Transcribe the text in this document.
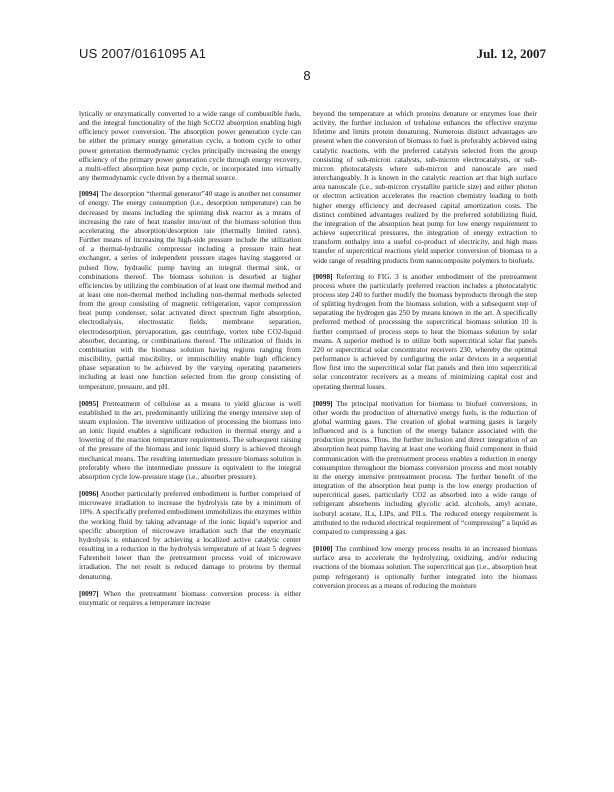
US 2007/0161095 A1	Jul. 12, 2007
8

lytically or enzymatically converted to a wide range of combustible fuels, and the integral functionality of the high ScCO2 absorption enabling high efficiency power conversion. The absorption power generation cycle can be either the primary energy generation cycle, a bottom cycle to other power generation thermodynamic cycles principally increasing the energy efficiency of the primary power generation cycle through energy recovery, a multi-effect absorption heat pump cycle, or incorporated into virtually any thermodynamic cycle driven by a thermal source.

[0094] The desorption “thermal generator”40 stage is another net consumer of energy. The energy consumption (i.e., desorption temperature) can be decreased by means including the spinning disk reactor as a means of increasing the rate of heat transfer into/out of the biomass solution thus accelerating the absorption/desorption rate (thermally limited rates). Further means of increasing the high-side pressure include the utilization of a thermal-hydraulic compressor including a pressure train heat exchanger, a series of independent pressure stages having staggered or pulsed flow, hydraulic pump having an integral thermal sink, or combinations thereof. The biomass solution is desorbed at higher efficiencies by utilizing the combination of at least one thermal method and at least one non-thermal method including non-thermal methods selected from the group consisting of magnetic refrigeration, vapor compression heat pump condenser, solar activated direct spectrum light absorption, electrodialysis, electrostatic fields, membrane separation, electrodesorption, pervaporation, gas centrifuge, vortex tube CO2-liquid absorber, decanting, or combinations thereof. The utilization of fluids in combination with the biomass solution having regions ranging from miscibility, partial miscibility, or immiscibility enable high efficiency phase separation to be achieved by the varying operating parameters including at least one function selected from the group consisting of temperature, pressure, and pH.

[0095] Pretreatment of cellulose as a means to yield glucose is well established in the art, predominantly utilizing the energy intensive step of steam explosion. The inventive utilization of processing the biomass into an ionic liquid enables a significant reduction in thermal energy and a lowering of the reaction temperature requirements. The subsequent raising of the pressure of the biomass and ionic liquid slurry is achieved through mechanical means. The resulting intermediate pressure biomass solution is preferably where the intermediate pressure is equivalent to the integral absorption cycle low-pressure stage (i.e., absorber pressure).

[0096] Another particularly preferred embodiment is further comprised of microwave irradiation to increase the hydrolysis rate by a minimum of 10%. A specifically preferred embodiment immobilizes the enzymes within the working fluid by taking advantage of the ionic liquid’s superior and specific absorption of microwave irradiation such that the enzymatic hydrolysis is enhanced by achieving a localized active catalytic center resulting in a reduction in the hydrolysis temperature of at least 5 degrees Fahrenheit lower than the pretreatment process void of microwave irradiation. The net result is reduced damage to proteins by thermal denaturing.

[0097] When the pretreatment biomass conversion process is either enzymatic or requires a temperature increase

beyond the temperature at which proteins denature or enzymes lose their activity, the further inclusion of trehalose enhances the effective enzyme lifetime and limits protein denaturing. Numerous distinct advantages are present when the conversion of biomass to fuel is preferably achieved using catalytic reactions, with the preferred catalysts selected from the group consisting of sub-micron catalysts, sub-micron electrocatalysts, or sub-micron photocatalysts where sub-micron and nanoscale are used interchangeably. It is known in the catalytic reaction art that high surface area nanoscale (i.e., sub-micron crystallite particle size) and either photon or electron activation accelerates the reaction chemistry leading to both higher energy efficiency and decreased capital amortization costs. The distinct combined advantages realized by the preferred solubilizing fluid, the integration of the absorption heat pump for low energy requirement to achieve supercritical pressures, the integration of energy extraction to transform enthalpy into a useful co-product of electricity, and high mass transfer of supercritical reactions yield superior conversion of biomass to a wide range of resulting products from nanocomposite polymers to biofuels.

[0098] Referring to FIG. 3 is another embodiment of the pretreatment process where the particularly preferred reaction includes a photocatalytic process step 240 to further modify the biomass byproducts through the step of splitting hydrogen from the biomass solution, with a subsequent step of separating the hydrogen gas 250 by means known in the art. A specifically preferred method of processing the supercritical biomass solution 10 is further comprised of process steps to heat the biomass solution by solar means. A superior method is to utilize both supercritical solar flat panels 220 or supercritical solar concentrator receivers 230, whereby the optimal performance is achieved by configuring the solar devices in a sequential flow first into the supercritical solar flat panels and then into supercritical solar concentrator receivers as a means of minimizing capital cost and operating thermal losses.

[0099] The principal motivation for biomass to biofuel conversions, in other words the production of alternative energy fuels, is the reduction of global warming gases. The creation of global warming gases is largely influenced and is a function of the energy balance associated with the production process. Thus, the further inclusion and direct integration of an absorption heat pump having at least one working fluid component in fluid communication with the pretreatment process enables a reduction in energy consumption throughout the biomass conversion process and most notably in the energy intensive pretreatment process. The further benefit of the integration of the absorption heat pump is the low energy production of supercritical gases, particularly CO2 as absorbed into a wide range of refrigerant absorbents including glycolic acid, alcohols, amyl acetate, isobutyl acetate, ILs, LIPs, and PILs. The reduced energy requirement is attributed to the reduced electrical requirement of “compressing” a liquid as compared to compressing a gas.

[0100] The combined low energy process results in an increased biomass surface area to accelerate the hydrolyzing, oxidizing, and/or reducing reactions of the biomass solution. The supercritical gas (i.e., absorption heat pump refrigerant) is optionally further integrated into the biomass conversion process as a means of reducing the moisture
